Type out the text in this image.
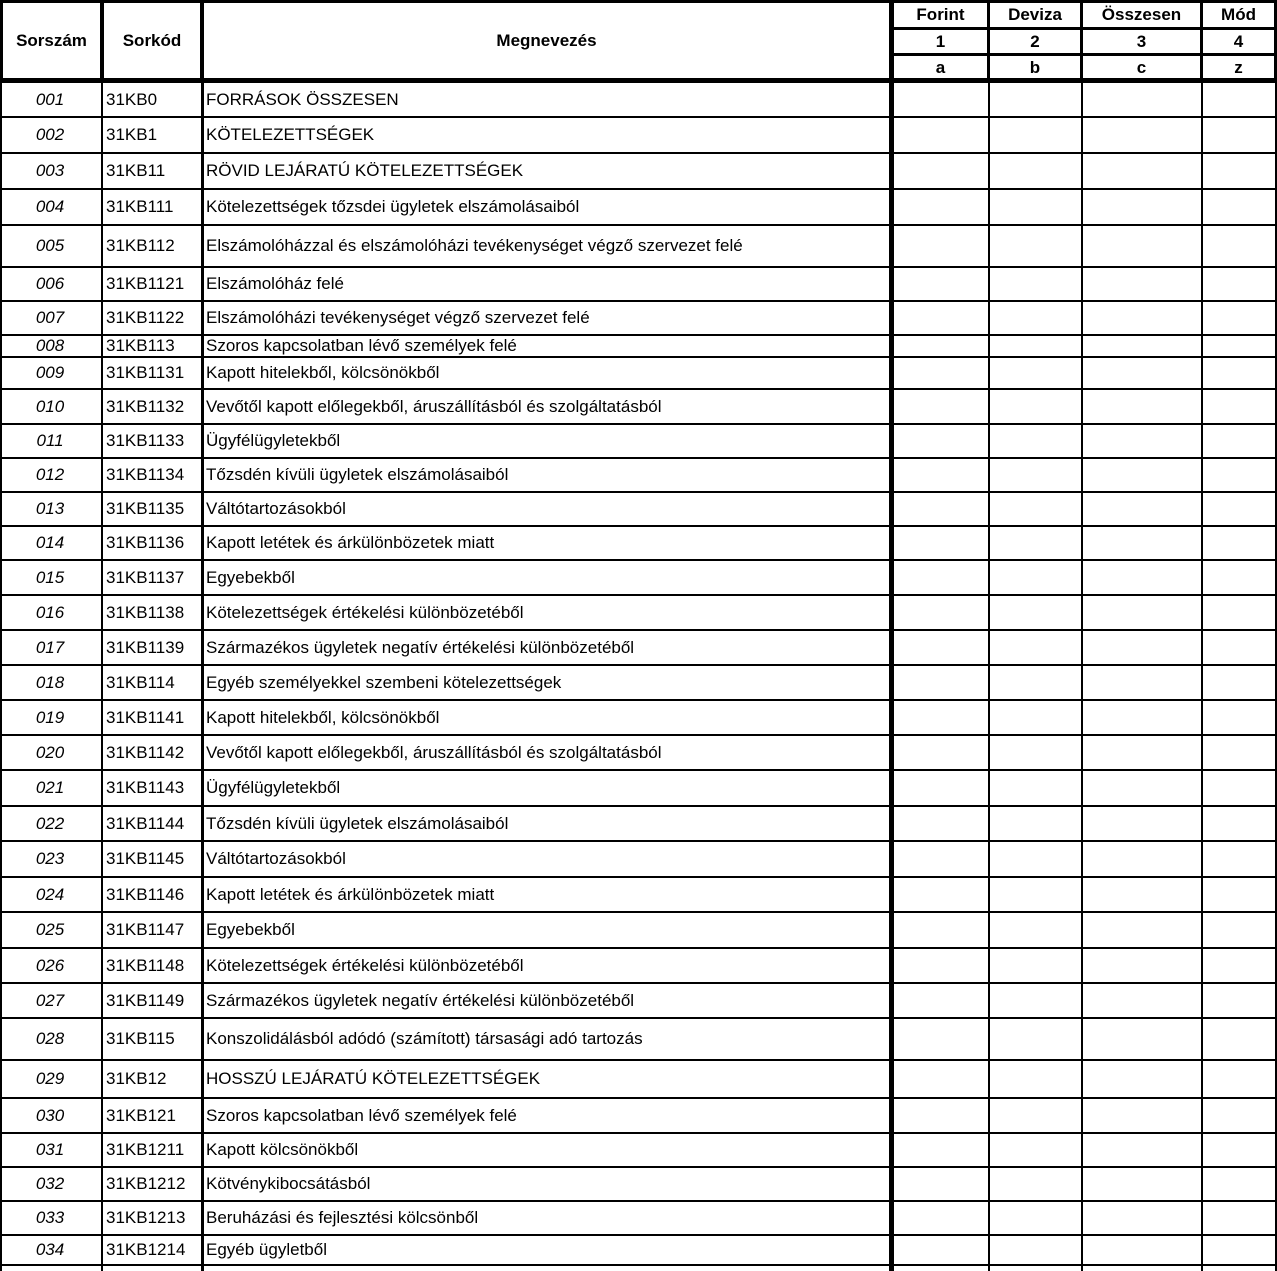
Sorszám	Sorkód	Megnevezés
Forint	Deviza	Összesen	Mód
1	2	3	4
a	b	c	z
001	31KB0	FORRÁSOK ÖSSZESEN
002	31KB1	KÖTELEZETTSÉGEK
003	31KB11	RÖVID LEJÁRATÚ KÖTELEZETTSÉGEK
004	31KB111	Kötelezettségek tőzsdei ügyletek elszámolásaiból
005	31KB112	Elszámolóházzal és elszámolóházi tevékenységet végző szervezet felé
006	31KB1121	Elszámolóház felé
007	31KB1122	Elszámolóházi tevékenységet végző szervezet felé
008	31KB113	Szoros kapcsolatban lévő személyek felé
009	31KB1131	Kapott hitelekből, kölcsönökből
010	31KB1132	Vevőtől kapott előlegekből, áruszállításból és szolgáltatásból
011	31KB1133	Ügyfélügyletekből
012	31KB1134	Tőzsdén kívüli ügyletek elszámolásaiból
013	31KB1135	Váltótartozásokból
014	31KB1136	Kapott letétek és árkülönbözetek miatt
015	31KB1137	Egyebekből
016	31KB1138	Kötelezettségek értékelési különbözetéből
017	31KB1139	Származékos ügyletek negatív értékelési különbözetéből
018	31KB114	Egyéb személyekkel szembeni kötelezettségek
019	31KB1141	Kapott hitelekből, kölcsönökből
020	31KB1142	Vevőtől kapott előlegekből, áruszállításból és szolgáltatásból
021	31KB1143	Ügyfélügyletekből
022	31KB1144	Tőzsdén kívüli ügyletek elszámolásaiból
023	31KB1145	Váltótartozásokból
024	31KB1146	Kapott letétek és árkülönbözetek miatt
025	31KB1147	Egyebekből
026	31KB1148	Kötelezettségek értékelési különbözetéből
027	31KB1149	Származékos ügyletek negatív értékelési különbözetéből
028	31KB115	Konszolidálásból adódó (számított) társasági adó tartozás
029	31KB12	HOSSZÚ LEJÁRATÚ KÖTELEZETTSÉGEK
030	31KB121	Szoros kapcsolatban lévő személyek felé
031	31KB1211	Kapott kölcsönökből
032	31KB1212	Kötvénykibocsátásból
033	31KB1213	Beruházási és fejlesztési kölcsönből
034	31KB1214	Egyéb ügyletből
